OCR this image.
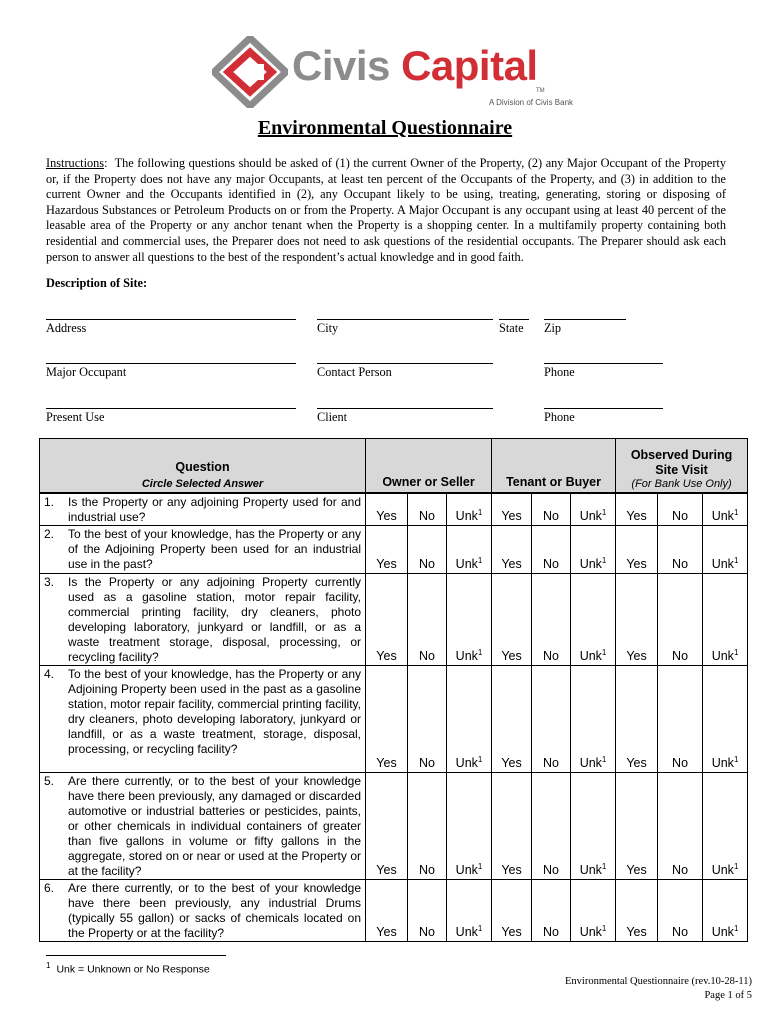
Civis Capital
TM
A Division of Civis Bank
Environmental Questionnaire

Instructions:  The following questions should be asked of (1) the current Owner of the Property, (2) any Major Occupant of the Property or, if the Property does not have any major Occupants, at least ten percent of the Occupants of the Property, and (3) in addition to the current Owner and the Occupants identified in (2), any Occupant likely to be using, treating, generating, storing or disposing of Hazardous Substances or Petroleum Products on or from the Property. A Major Occupant is any occupant using at least 40 percent of the leasable area of the Property or any anchor tenant when the Property is a shopping center. In a multifamily property containing both residential and commercial uses, the Preparer does not need to ask questions of the residential occupants. The Preparer should ask each person to answer all questions to the best of the respondent’s actual knowledge and in good faith.

Description of Site:
Address	City	State	Zip
Major Occupant	Contact Person	Phone
Present Use	Client	Phone
Question
Circle Selected Answer	Owner or Seller			Tenant or Buyer			Observed During
Site Visit
(For Bank Use Only)		

1. Is the Property or any adjoining Property used for and industrial use?	Yes	No	Unk$^1$	Yes	No	Unk$^1$	Yes	No	Unk$^1$

2. To the best of your knowledge, has the Property or any of the Adjoining Property been used for an industrial use in the past?	Yes	No	Unk$^1$	Yes	No	Unk$^1$	Yes	No	Unk$^1$

3. Is the Property or any adjoining Property currently used as a gasoline station, motor repair facility, commercial printing facility, dry cleaners, photo developing laboratory, junkyard or landfill, or as a waste treatment storage, disposal, processing, or recycling facility?	Yes	No	Unk$^1$	Yes	No	Unk$^1$	Yes	No	Unk$^1$

4. To the best of your knowledge, has the Property or any Adjoining Property been used in the past as a gasoline station, motor repair facility, commercial printing facility, dry cleaners, photo developing laboratory, junkyard or landfill, or as a waste treatment, storage, disposal, processing, or recycling facility?	Yes	No	Unk$^1$	Yes	No	Unk$^1$	Yes	No	Unk$^1$

5. Are there currently, or to the best of your knowledge have there been previously, any damaged or discarded automotive or industrial batteries or pesticides, paints, or other chemicals in individual containers of greater than five gallons in volume or fifty gallons in the aggregate, stored on or near or used at the Property or at the facility?	Yes	No	Unk$^1$	Yes	No	Unk$^1$	Yes	No	Unk$^1$

6. Are there currently, or to the best of your knowledge have there been previously, any industrial Drums (typically 55 gallon) or sacks of chemicals located on the Property or at the facility?	Yes	No	Unk$^1$	Yes	No	Unk$^1$	Yes	No	Unk$^1$
$^1$ Unk = Unknown or No Response
Environmental Questionnaire (rev.10-28-11)
Page 1 of 5
